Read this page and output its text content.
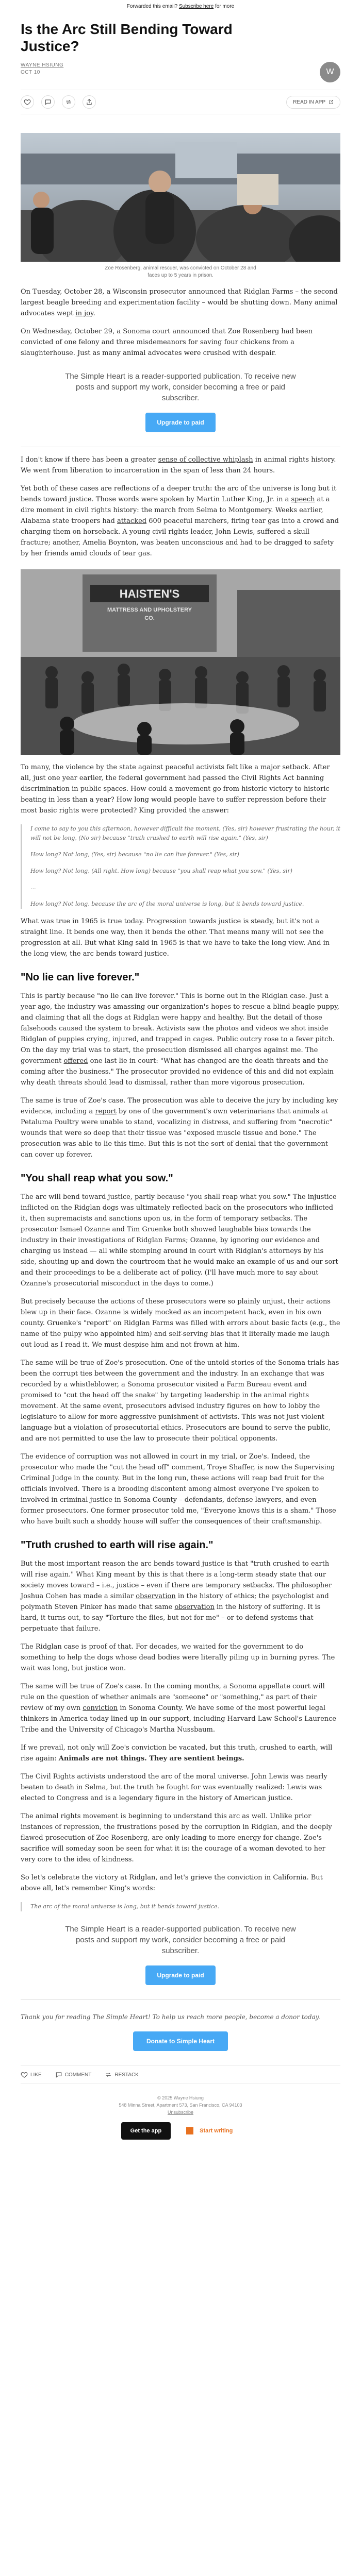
Forwarded this email? Subscribe here for more
Is the Arc Still Bending Toward Justice?
WAYNE HSIUNG
OCT 10	W
READ IN APP
Zoe Rosenberg, animal rescuer, was convicted on October 28 and
faces up to 5 years in prison.

On Tuesday, October 28, a Wisconsin prosecutor announced that Ridglan Farms – the second largest beagle breeding and experimentation facility – would be shutting down. Many animal advocates wept in joy.

On Wednesday, October 29, a Sonoma court announced that Zoe Rosenberg had been convicted of one felony and three misdemeanors for saving four chickens from a slaughterhouse. Just as many animal advocates were crushed with despair.

The Simple Heart is a reader-supported publication. To receive new posts and support my work, consider becoming a free or paid subscriber.
Upgrade to paid

I don't know if there has been a greater sense of collective whiplash in animal rights history. We went from liberation to incarceration in the span of less than 24 hours.

Yet both of these cases are reflections of a deeper truth: the arc of the universe is long but it bends toward justice. Those words were spoken by Martin Luther King, Jr. in a speech at a dire moment in civil rights history: the march from Selma to Montgomery. Weeks earlier, Alabama state troopers had attacked 600 peaceful marchers, firing tear gas into a crowd and charging them on horseback. A young civil rights leader, John Lewis, suffered a skull fracture; another, Amelia Boynton, was beaten unconscious and had to be dragged to safety by her friends amid clouds of tear gas.

HAISTEN'S
MATTRESS AND UPHOLSTERY
CO.

To many, the violence by the state against peaceful activists felt like a major setback. After all, just one year earlier, the federal government had passed the Civil Rights Act banning discrimination in public spaces. How could a movement go from historic victory to historic beating in less than a year? How long would people have to suffer repression before their most basic rights were protected? King provided the answer:

I come to say to you this afternoon, however difficult the moment, (Yes, sir) however frustrating the hour, it will not be long, (No sir) because "truth crushed to earth will rise again." (Yes, sir)

How long? Not long, (Yes, sir) because "no lie can live forever." (Yes, sir)

How long? Not long, (All right. How long) because "you shall reap what you sow." (Yes, sir)

...

How long? Not long, because the arc of the moral universe is long, but it bends toward justice.

What was true in 1965 is true today. Progression towards justice is steady, but it's not a straight line. It bends one way, then it bends the other. That means many will not see the progression at all. But what King said in 1965 is that we have to take the long view. And in the long view, the arc bends toward justice.

"No lie can live forever."

This is partly because "no lie can live forever." This is borne out in the Ridglan case. Just a year ago, the industry was amassing our organization's hopes to rescue a blind beagle puppy, and claiming that all the dogs at Ridglan were happy and healthy. But the detail of those falsehoods caused the system to break. Activists saw the photos and videos we shot inside Ridglan of puppies crying, injured, and trapped in cages. Public outcry rose to a fever pitch. On the day my trial was to start, the prosecution dismissed all charges against me. The government offered one last lie in court: "What has changed are the death threats and the coming after the business." The prosecutor provided no evidence of this and did not explain why death threats should lead to dismissal, rather than more vigorous prosecution.

The same is true of Zoe's case. The prosecution was able to deceive the jury by including key evidence, including a report by one of the government's own veterinarians that animals at Petaluma Poultry were unable to stand, vocalizing in distress, and suffering from "necrotic" wounds that were so deep that their tissue was "exposed muscle tissue and bone." The prosecution was able to lie this time. But this is not the sort of denial that the government can cover up forever.

"You shall reap what you sow."

The arc will bend toward justice, partly because "you shall reap what you sow." The injustice inflicted on the Ridglan dogs was ultimately reflected back on the prosecutors who inflicted it, then supremacists and sanctions upon us, in the form of temporary setbacks. The prosecutor Ismael Ozanne and Tim Gruenke both showed laughable bias towards the industry in their investigations of Ridglan Farms; Ozanne, by ignoring our evidence and charging us instead — all while stomping around in court with Ridglan's attorneys by his side, shouting up and down the courtroom that he would make an example of us and our sort and their proceedings to be a deliberate act of policy. (I'll have much more to say about Ozanne's prosecutorial misconduct in the days to come.)

But precisely because the actions of these prosecutors were so plainly unjust, their actions blew up in their face. Ozanne is widely mocked as an incompetent hack, even in his own county. Gruenke's "report" on Ridglan Farms was filled with errors about basic facts (e.g., the name of the pulpy who appointed him) and self-serving bias that it literally made me laugh out loud as I read it. We must despise him and not frown at him.

The same will be true of Zoe's prosecution. One of the untold stories of the Sonoma trials has been the corrupt ties between the government and the industry. In an exchange that was recorded by a whistleblower, a Sonoma prosecutor visited a Farm Bureau event and promised to "cut the head off the snake" by targeting leadership in the animal rights movement. At the same event, prosecutors advised industry figures on how to lobby the legislature to allow for more aggressive punishment of activists. This was not just violent language but a violation of prosecutorial ethics. Prosecutors are bound to serve the public, and are not permitted to use the law to prosecute their political opponents.

The evidence of corruption was not allowed in court in my trial, or Zoe's. Indeed, the prosecutor who made the "cut the head off" comment, Troye Shaffer, is now the Supervising Criminal Judge in the county. But in the long run, these actions will reap bad fruit for the officials involved. There is a brooding discontent among almost everyone I've spoken to involved in criminal justice in Sonoma County – defendants, defense lawyers, and even former prosecutors. One former prosecutor told me, "Everyone knows this is a sham." Those who have built such a shoddy house will suffer the consequences of their craftsmanship.

"Truth crushed to earth will rise again."

But the most important reason the arc bends toward justice is that "truth crushed to earth will rise again." What King meant by this is that there is a long-term steady state that our society moves toward – i.e., justice – even if there are temporary setbacks. The philosopher Joshua Cohen has made a similar observation in the history of ethics; the psychologist and polymath Steven Pinker has made that same observation in the history of suffering. It is hard, it turns out, to say "Torture the flies, but not for me" – or to defend systems that perpetuate that failure.

The Ridglan case is proof of that. For decades, we waited for the government to do something to help the dogs whose dead bodies were literally piling up in burning pyres. The wait was long, but justice won.

The same will be true of Zoe's case. In the coming months, a Sonoma appellate court will rule on the question of whether animals are "someone" or "something," as part of their review of my own conviction in Sonoma County. We have some of the most powerful legal thinkers in America today lined up in our support, including Harvard Law School's Laurence Tribe and the University of Chicago's Martha Nussbaum.

If we prevail, not only will Zoe's conviction be vacated, but this truth, crushed to earth, will rise again: Animals are not things. They are sentient beings.

The Civil Rights activists understood the arc of the moral universe. John Lewis was nearly beaten to death in Selma, but the truth he fought for was eventually realized: Lewis was elected to Congress and is a legendary figure in the history of American justice.

The animal rights movement is beginning to understand this arc as well. Unlike prior instances of repression, the frustrations posed by the corruption in Ridglan, and the deeply flawed prosecution of Zoe Rosenberg, are only leading to more energy for change. Zoe's sacrifice will someday soon be seen for what it is: the courage of a woman devoted to her very core to the idea of kindness.

So let's celebrate the victory at Ridglan, and let's grieve the conviction in California. But above all, let's remember King's words:

The arc of the moral universe is long, but it bends toward justice.

The Simple Heart is a reader-supported publication. To receive new posts and support my work, consider becoming a free or paid subscriber.
Upgrade to paid

Thank you for reading The Simple Heart! To help us reach more people, become a donor today.

Donate to Simple Heart
LIKE	COMMENT	RESTACK
© 2025 Wayne Hsiung
548 Minna Street, Apartment 573, San Francisco, CA 94103
Unsubscribe
Get the app	Start writing
